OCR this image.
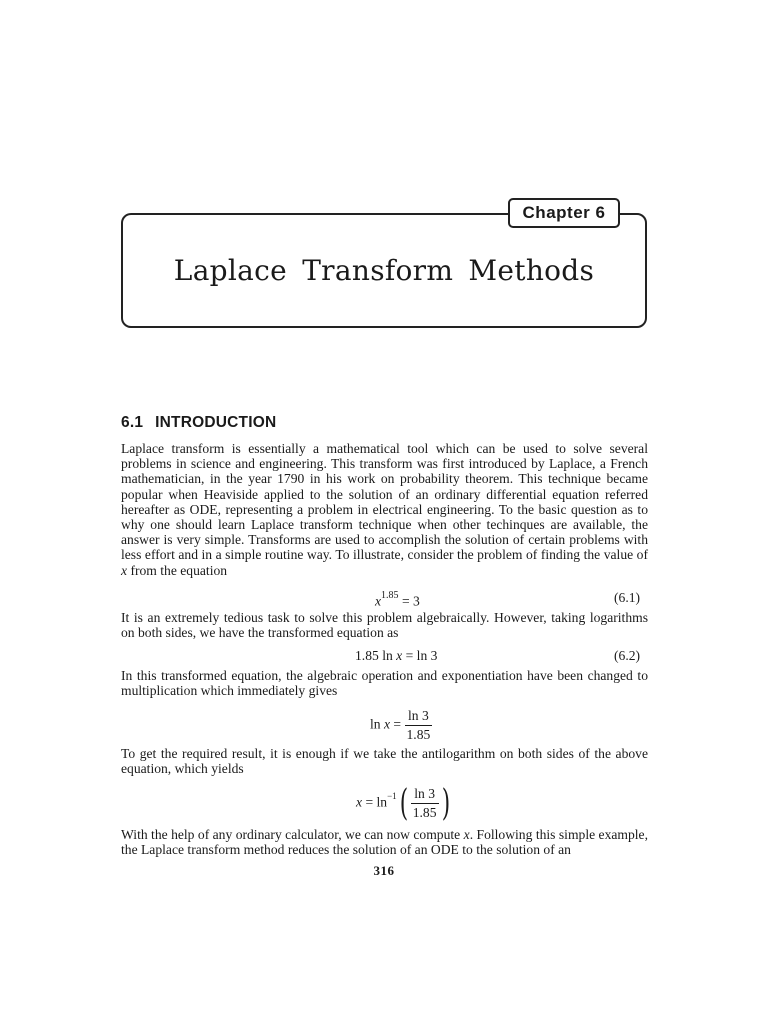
Chapter 6
Laplace Transform Methods
6.1 INTRODUCTION
Laplace transform is essentially a mathematical tool which can be used to solve several problems in science and engineering. This transform was first introduced by Laplace, a French mathematician, in the year 1790 in his work on probability theorem. This technique became popular when Heaviside applied to the solution of an ordinary differential equation referred hereafter as ODE, representing a problem in electrical engineering. To the basic question as to why one should learn Laplace transform technique when other techinques are available, the answer is very simple. Transforms are used to accomplish the solution of certain problems with less effort and in a simple routine way. To illustrate, consider the problem of finding the value of x from the equation
$x^{1.85} = 3$	(6.1)
It is an extremely tedious task to solve this problem algebraically. However, taking logarithms on both sides, we have the transformed equation as
1.85 ln x = ln 3	(6.2)
In this transformed equation, the algebraic operation and exponentiation have been changed to multiplication which immediately gives
$\ln x = \frac{\ln 3}{1.85}$
To get the required result, it is enough if we take the antilogarithm on both sides of the above equation, which yields
$x = \ln^{-1}( \frac{\ln 3}{1.85}$ )
With the help of any ordinary calculator, we can now compute x. Following this simple example, the Laplace transform method reduces the solution of an ODE to the solution of an
316
